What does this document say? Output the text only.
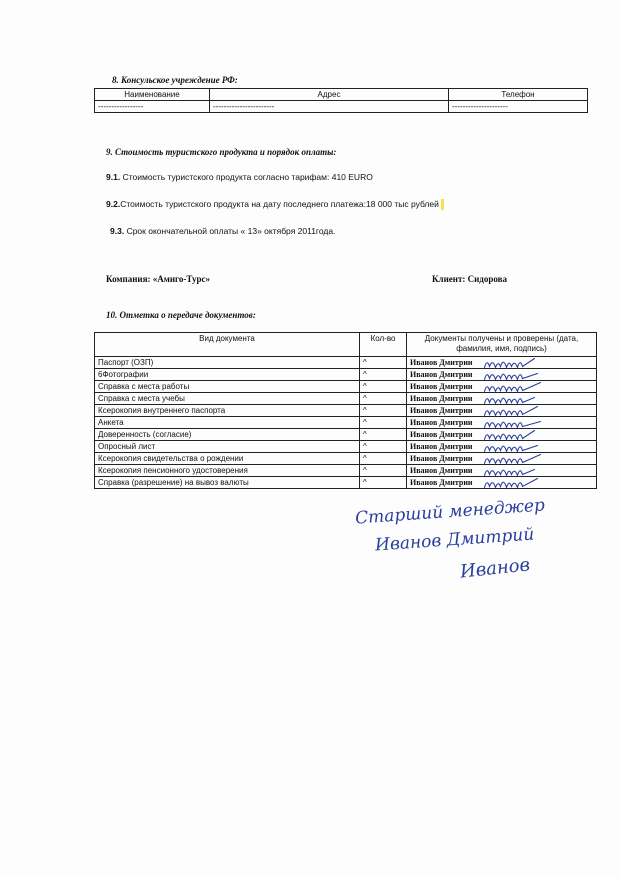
8. Консульское учреждение РФ:
Наименование	Адрес	Телефон
-----------------	-----------------------	---------------------
9. Стоимость туристского продукта и порядок оплаты:
9.1. Стоимость туристского продукта согласно тарифам: 410 EURO
9.2.Стоимость туристского продукта на дату последнего платежа:18 000 тыс рублей
9.3. Срок окончательной оплаты « 13» октября 2011года.
Компания: «Амиго-Турс»	Клиент: Сидорова
10. Отметка о передаче документов:
Вид документа	Кол-во	Документы получены и проверены (дата, фамилия, имя, подпись)
Паспорт (ОЗП)	^	Иванов Дмитрии
6Фотографии	^	Иванов Дмитрии
Справка с места работы	^	Иванов Дмитрии
Справка с места учебы	^	Иванов Дмитрии
Ксерокопия внутреннего паспорта	^	Иванов Дмитрии
Анкета	^	Иванов Дмитрии
Доверенность (согласие)	^	Иванов Дмитрии
Опросный лист	^	Иванов Дмитрии
Ксерокопия свидетельства о рождении	^	Иванов Дмитрии
Ксерокопия пенсионного удостоверения	^	Иванов Дмитрии
Справка (разрешение) на вывоз валюты	^	Иванов Дмитрии
Старший менеджер
Иванов Дмитрий
Иванов
